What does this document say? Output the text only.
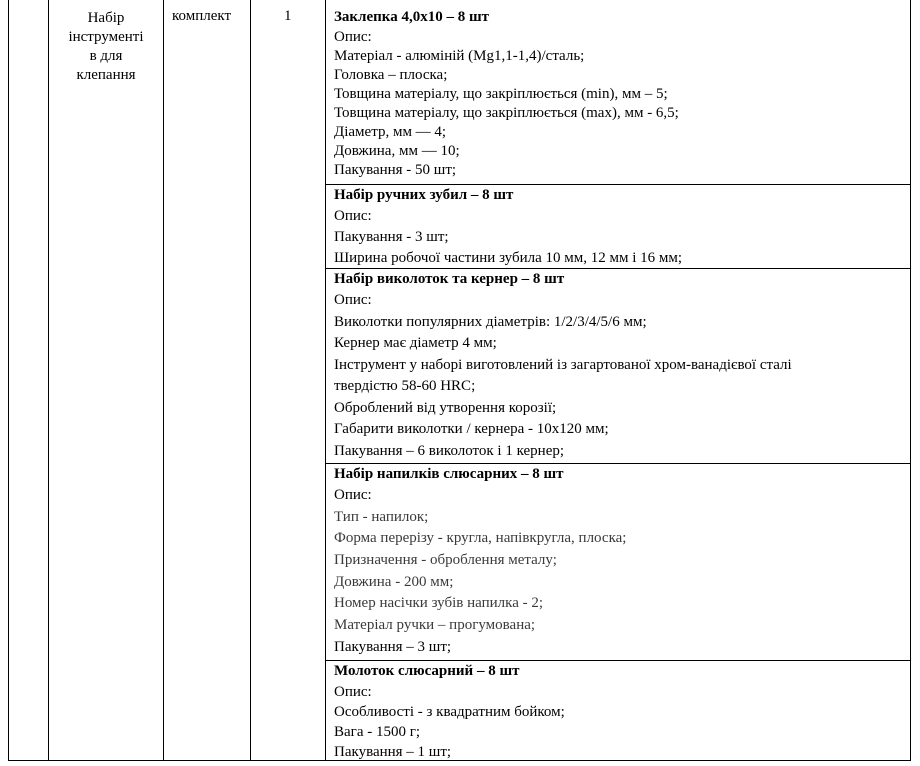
Набір
інструменті
в для
клепання
комплект	1	Заклепка 4,0х10 – 8 шт
Опис:
Матеріал - алюміній (Mg1,1-1,4)/сталь;
Головка – плоска;
Товщина матеріалу, що закріплюється (min), мм – 5;
Товщина матеріалу, що закріплюється (max), мм - 6,5;
Діаметр, мм — 4;
Довжина, мм — 10;
Пакування - 50 шт;
Набір ручних зубил – 8 шт
Опис:
Пакування - 3 шт;
Ширина робочої частини зубила 10 мм, 12 мм і 16 мм;
Набір виколоток та кернер – 8 шт
Опис:
Виколотки популярних діаметрів: 1/2/3/4/5/6 мм;
Кернер має діаметр 4 мм;
Інструмент у наборі виготовлений із загартованої хром-ванадієвої сталі
твердістю 58-60 HRC;
Оброблений від утворення корозії;
Габарити виколотки / кернера - 10x120 мм;
Пакування – 6 виколоток і 1 кернер;
Набір напилків слюсарних – 8 шт
Опис:
Тип - напилок;
Форма перерізу - кругла, напівкругла, плоска;
Призначення - оброблення металу;
Довжина - 200 мм;
Номер насічки зубів напилка - 2;
Матеріал ручки – прогумована;
Пакування – 3 шт;
Молоток слюсарний – 8 шт
Опис:
Особливості - з квадратним бойком;
Вага - 1500 г;
Пакування – 1 шт;
